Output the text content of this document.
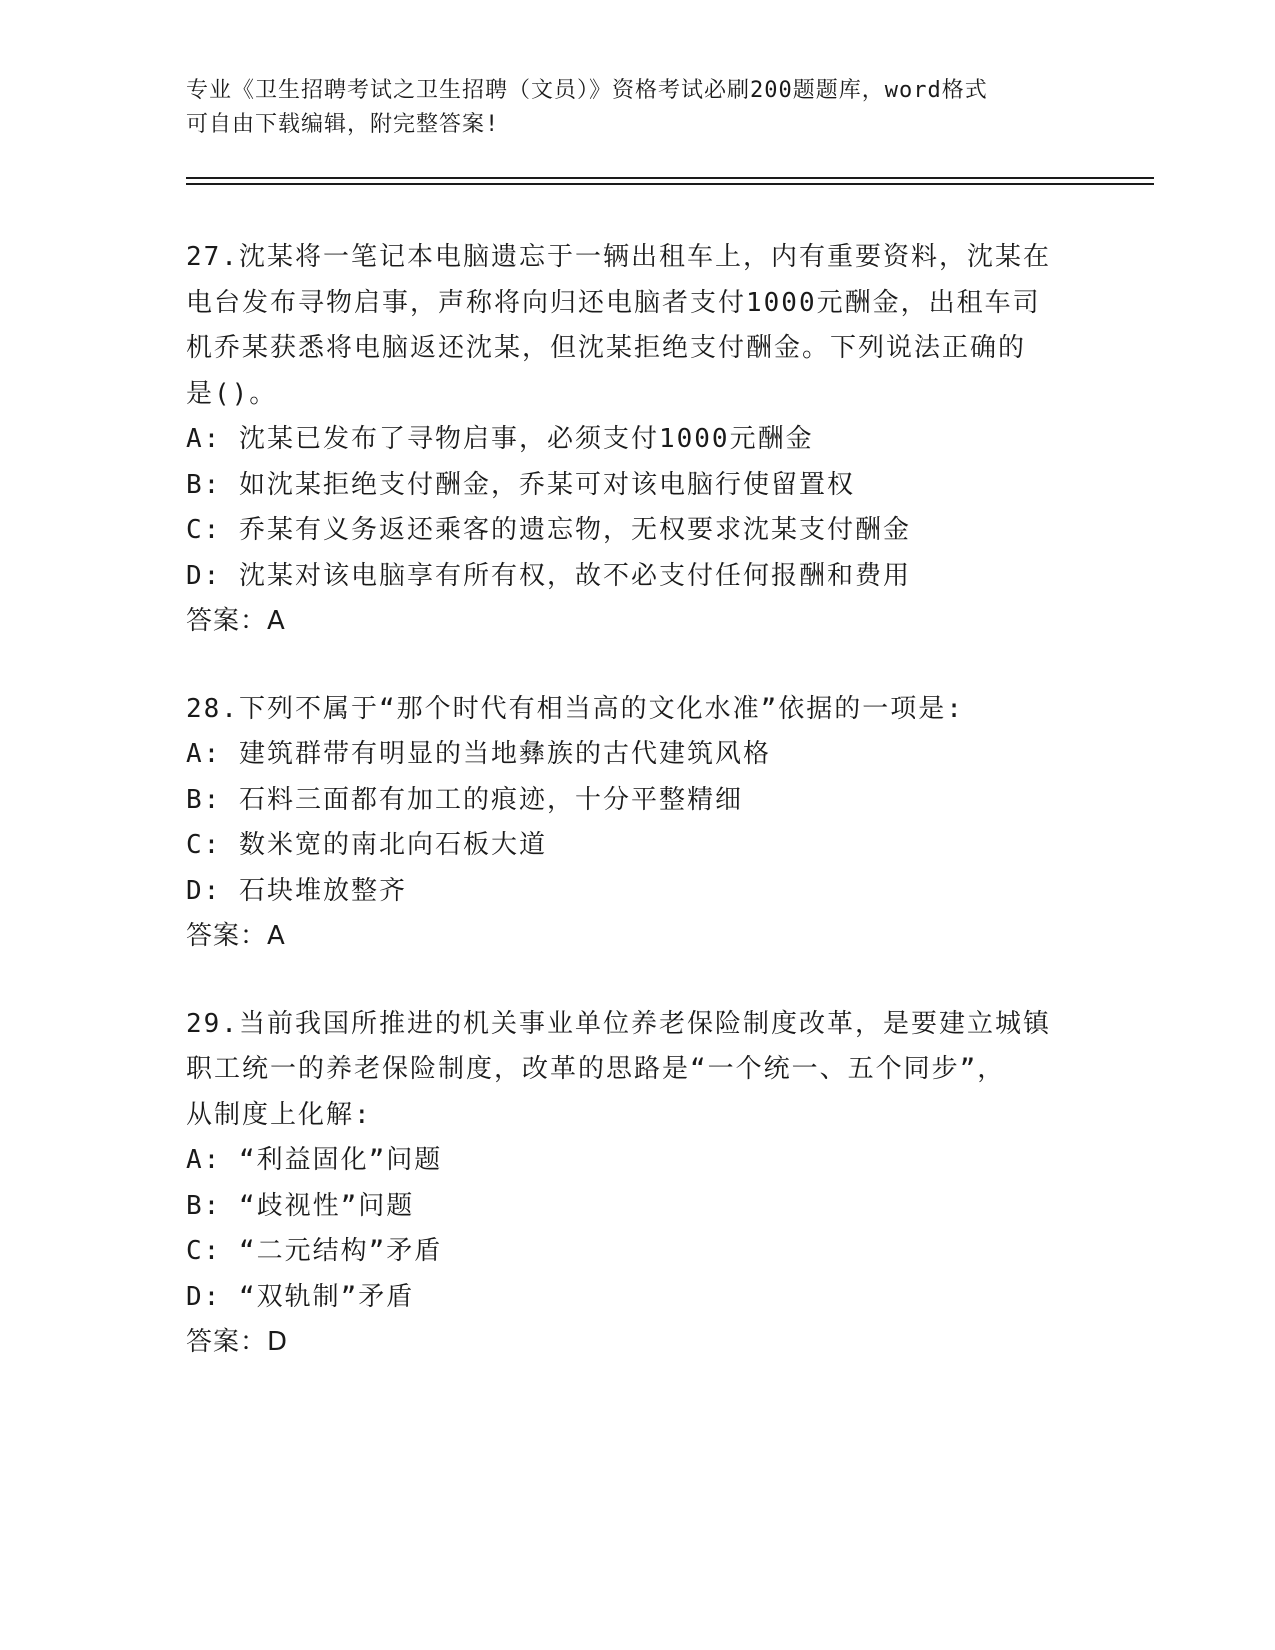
专业《卫生招聘考试之卫生招聘（文员）》资格考试必刷200题题库，word格式
可自由下载编辑，附完整答案!
27.沈某将一笔记本电脑遗忘于一辆出租车上，内有重要资料，沈某在
电台发布寻物启事，声称将向归还电脑者支付1000元酬金，出租车司
机乔某获悉将电脑返还沈某，但沈某拒绝支付酬金。下列说法正确的
是()。
A: 沈某已发布了寻物启事，必须支付1000元酬金
B: 如沈某拒绝支付酬金，乔某可对该电脑行使留置权
C: 乔某有义务返还乘客的遗忘物，无权要求沈某支付酬金
D: 沈某对该电脑享有所有权，故不必支付任何报酬和费用
答案：A
28.下列不属于“那个时代有相当高的文化水准”依据的一项是:
A: 建筑群带有明显的当地彝族的古代建筑风格
B: 石料三面都有加工的痕迹，十分平整精细
C: 数米宽的南北向石板大道
D: 石块堆放整齐
答案：A
29.当前我国所推进的机关事业单位养老保险制度改革，是要建立城镇
职工统一的养老保险制度，改革的思路是“一个统一、五个同步”，
从制度上化解:
A: “利益固化”问题
B: “歧视性”问题
C: “二元结构”矛盾
D: “双轨制”矛盾
答案：D
